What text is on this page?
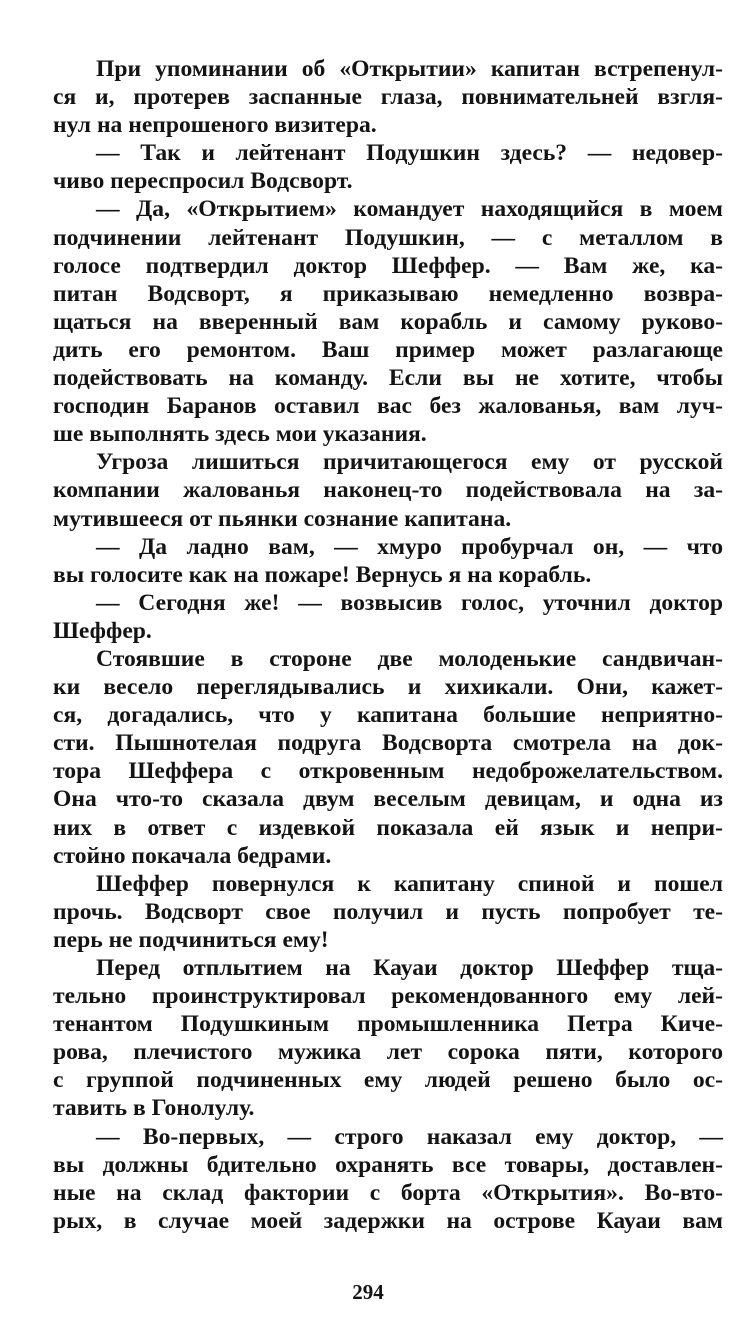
При упоминании об «Открытии» капитан встрепенул-
ся и, протерев заспанные глаза, повнимательней взгля-
нул на непрошеного визитера.
— Так и лейтенант Подушкин здесь? — недовер-
чиво переспросил Водсворт.
— Да, «Открытием» командует находящийся в моем
подчинении лейтенант Подушкин, — с металлом в
голосе подтвердил доктор Шеффер. — Вам же, ка-
питан Водсворт, я приказываю немедленно возвра-
щаться на вверенный вам корабль и самому руково-
дить его ремонтом. Ваш пример может разлагающе
подействовать на команду. Если вы не хотите, чтобы
господин Баранов оставил вас без жалованья, вам луч-
ше выполнять здесь мои указания.
Угроза лишиться причитающегося ему от русской
компании жалованья наконец-то подействовала на за-
мутившееся от пьянки сознание капитана.
— Да ладно вам, — хмуро пробурчал он, — что
вы голосите как на пожаре! Вернусь я на корабль.
— Сегодня же! — возвысив голос, уточнил доктор
Шеффер.
Стоявшие в стороне две молоденькие сандвичан-
ки весело переглядывались и хихикали. Они, кажет-
ся, догадались, что у капитана большие неприятно-
сти. Пышнотелая подруга Водсворта смотрела на док-
тора Шеффера с откровенным недоброжелательством.
Она что-то сказала двум веселым девицам, и одна из
них в ответ с издевкой показала ей язык и непри-
стойно покачала бедрами.
Шеффер повернулся к капитану спиной и пошел
прочь. Водсворт свое получил и пусть попробует те-
перь не подчиниться ему!
Перед отплытием на Кауаи доктор Шеффер тща-
тельно проинструктировал рекомендованного ему лей-
тенантом Подушкиным промышленника Петра Киче-
рова, плечистого мужика лет сорока пяти, которого
с группой подчиненных ему людей решено было ос-
тавить в Гонолулу.
— Во-первых, — строго наказал ему доктор, —
вы должны бдительно охранять все товары, доставлен-
ные на склад фактории с борта «Открытия». Во-вто-
рых, в случае моей задержки на острове Кауаи вам
294
